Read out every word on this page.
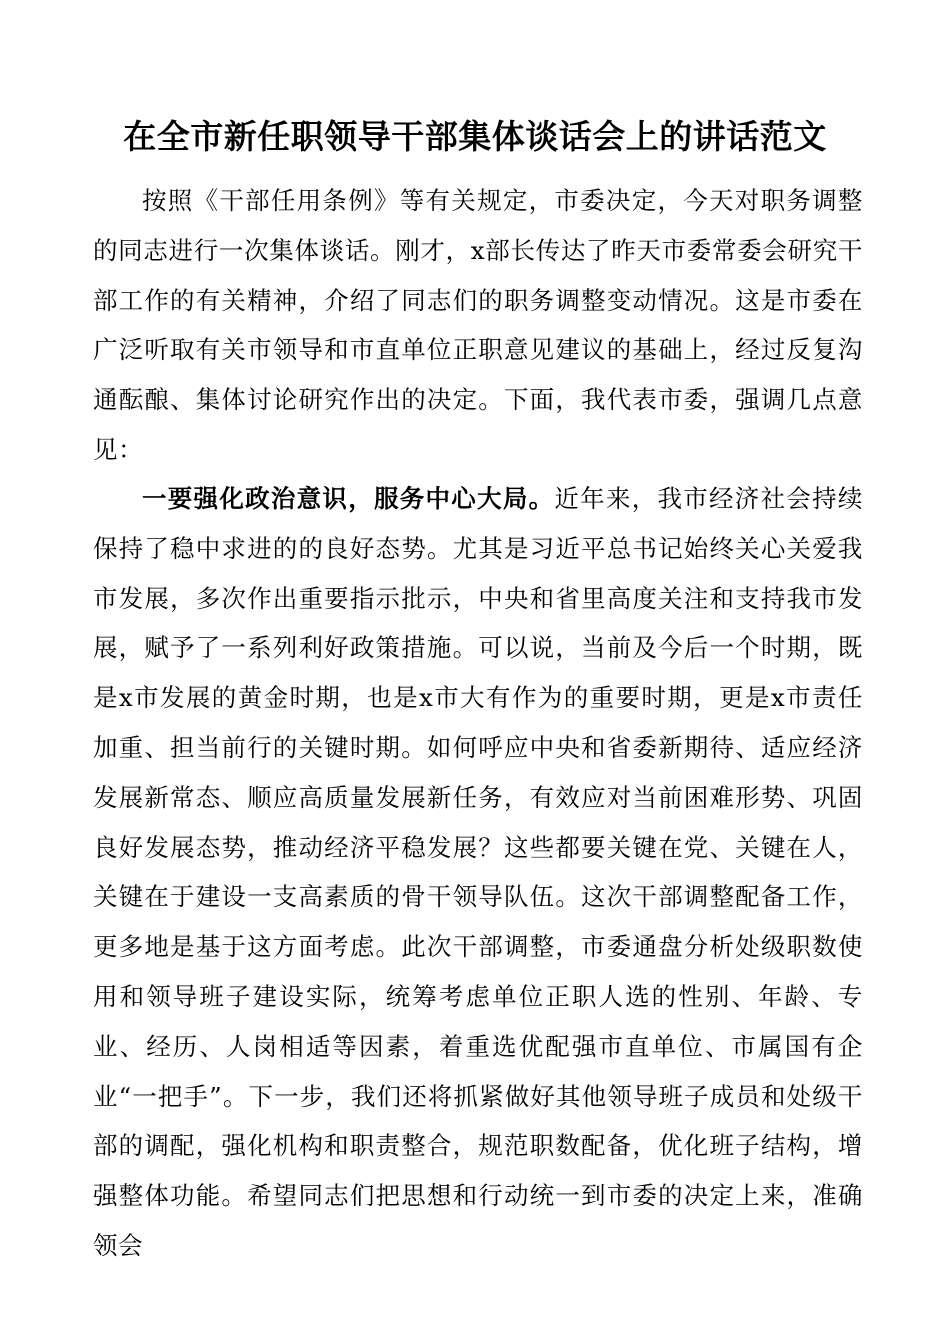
在全市新任职领导干部集体谈话会上的讲话范文

按照《干部任用条例》等有关规定，市委决定，今天对职务调整的同志进行一次集体谈话。刚才，x部长传达了昨天市委常委会研究干部工作的有关精神，介绍了同志们的职务调整变动情况。这是市委在广泛听取有关市领导和市直单位正职意见建议的基础上，经过反复沟通酝酿、集体讨论研究作出的决定。下面，我代表市委，强调几点意见：

一要强化政治意识，服务中心大局。近年来，我市经济社会持续保持了稳中求进的的良好态势。尤其是习近平总书记始终关心关爱我市发展，多次作出重要指示批示，中央和省里高度关注和支持我市发展，赋予了一系列利好政策措施。可以说，当前及今后一个时期，既是x市发展的黄金时期，也是x市大有作为的重要时期，更是x市责任加重、担当前行的关键时期。如何呼应中央和省委新期待、适应经济发展新常态、顺应高质量发展新任务，有效应对当前困难形势、巩固良好发展态势，推动经济平稳发展？这些都要关键在党、关键在人，关键在于建设一支高素质的骨干领导队伍。这次干部调整配备工作，更多地是基于这方面考虑。此次干部调整，市委通盘分析处级职数使用和领导班子建设实际，统筹考虑单位正职人选的性别、年龄、专业、经历、人岗相适等因素，着重选优配强市直单位、市属国有企业“一把手”。下一步，我们还将抓紧做好其他领导班子成员和处级干部的调配，强化机构和职责整合，规范职数配备，优化班子结构，增强整体功能。希望同志们把思想和行动统一到市委的决定上来，准确领会
